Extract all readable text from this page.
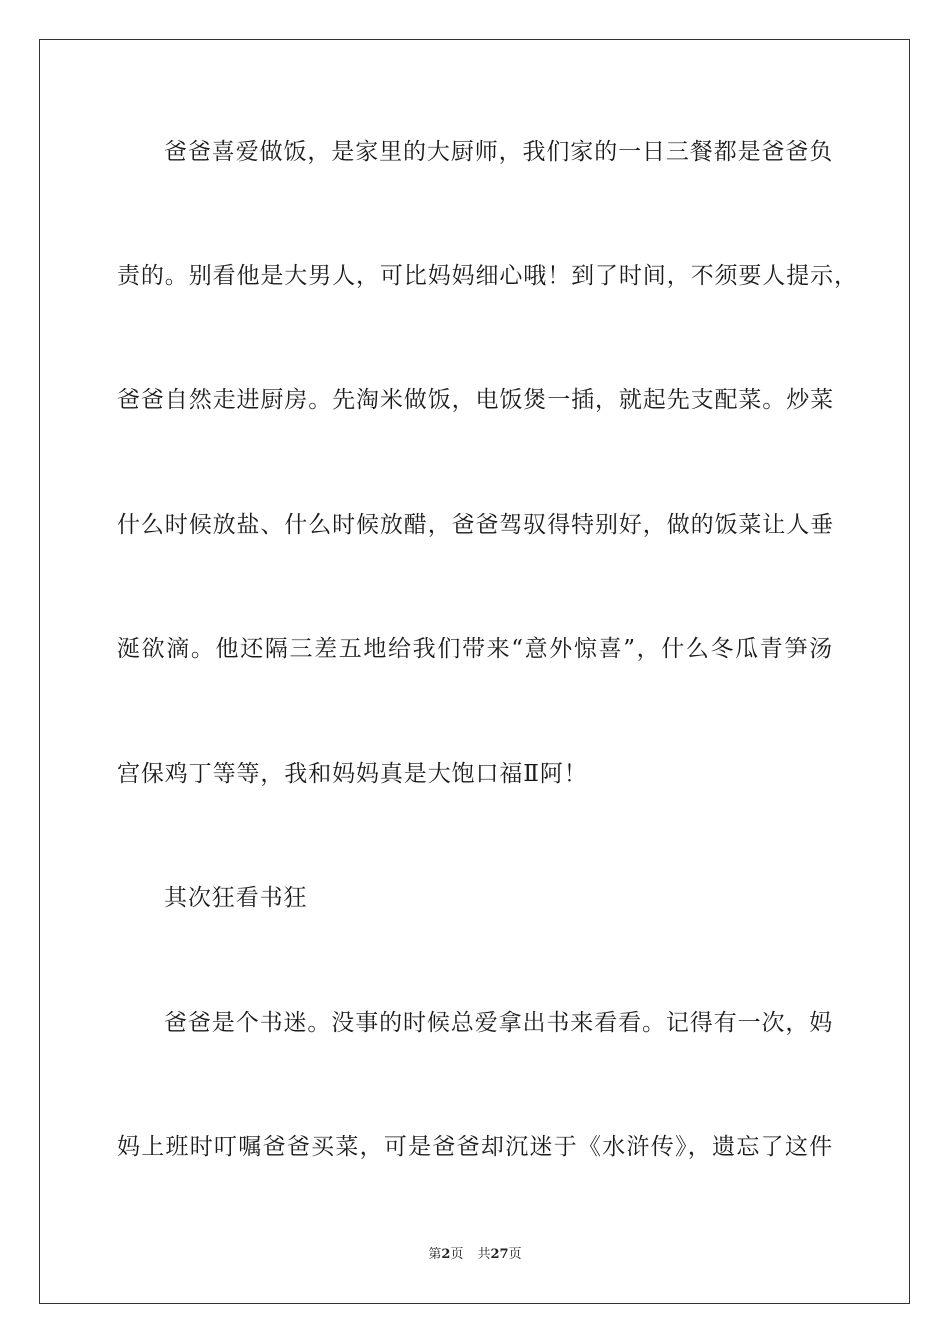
爸爸喜爱做饭，是家里的大厨师，我们家的一日三餐都是爸爸负
责的。别看他是大男人，可比妈妈细心哦！到了时间，不须要人提示，
爸爸自然走进厨房。先淘米做饭，电饭煲一插，就起先支配菜。炒菜
什么时候放盐、什么时候放醋，爸爸驾驭得特别好，做的饭菜让人垂
涎欲滴。他还隔三差五地给我们带来“意外惊喜”，什么冬瓜青笋汤
宫保鸡丁等等，我和妈妈真是大饱口福Ⅱ阿！
其次狂看书狂
爸爸是个书迷。没事的时候总爱拿出书来看看。记得有一次，妈
妈上班时叮嘱爸爸买菜，可是爸爸却沉迷于《水浒传》，遗忘了这件
第2页 共27页
